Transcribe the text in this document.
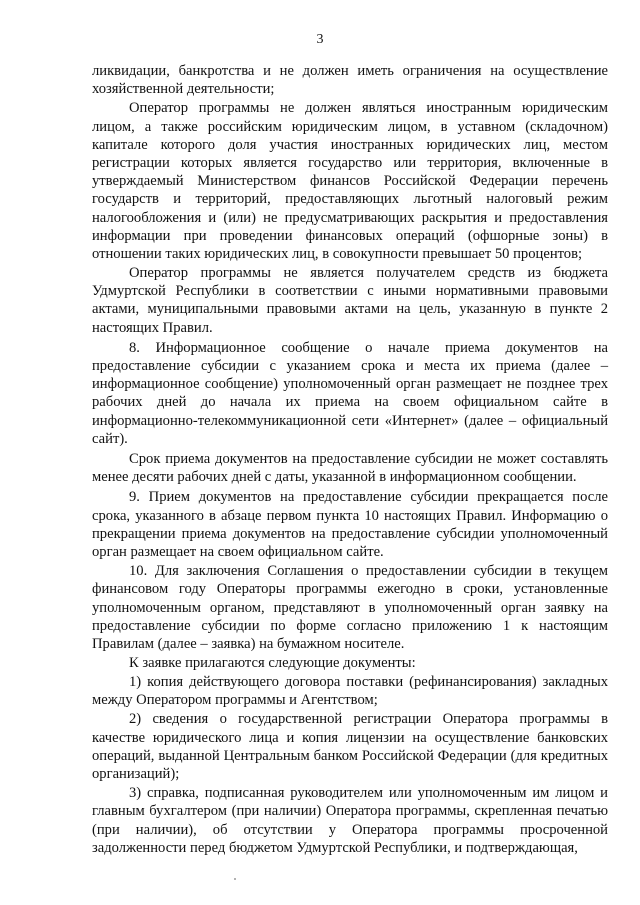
3

ликвидации, банкротства и не должен иметь ограничения на осуществление хозяйственной деятельности;

Оператор программы не должен являться иностранным юридическим лицом, а также российским юридическим лицом, в уставном (складочном) капитале которого доля участия иностранных юридических лиц, местом регистрации которых является государство или территория, включенные в утверждаемый Министерством финансов Российской Федерации перечень государств и территорий, предоставляющих льготный налоговый режим налогообложения и (или) не предусматривающих раскрытия и предоставления информации при проведении финансовых операций (офшорные зоны) в отношении таких юридических лиц, в совокупности превышает 50 процентов;

Оператор программы не является получателем средств из бюджета Удмуртской Республики в соответствии с иными нормативными правовыми актами, муниципальными правовыми актами на цель, указанную в пункте 2 настоящих Правил.

8. Информационное сообщение о начале приема документов на предоставление субсидии с указанием срока и места их приема (далее – информационное сообщение) уполномоченный орган размещает не позднее трех рабочих дней до начала их приема на своем официальном сайте в информационно-телекоммуникационной сети «Интернет» (далее – официальный сайт).

Срок приема документов на предоставление субсидии не может составлять менее десяти рабочих дней с даты, указанной в информационном сообщении.

9. Прием документов на предоставление субсидии прекращается после срока, указанного в абзаце первом пункта 10 настоящих Правил. Информацию о прекращении приема документов на предоставление субсидии уполномоченный орган размещает на своем официальном сайте.

10. Для заключения Соглашения о предоставлении субсидии в текущем финансовом году Операторы программы ежегодно в сроки, установленные уполномоченным органом, представляют в уполномоченный орган заявку на предоставление субсидии по форме согласно приложению 1 к настоящим Правилам (далее – заявка) на бумажном носителе.

К заявке прилагаются следующие документы:

1) копия действующего договора поставки (рефинансирования) закладных между Оператором программы и Агентством;

2) сведения о государственной регистрации Оператора программы в качестве юридического лица и копия лицензии на осуществление банковских операций, выданной Центральным банком Российской Федерации (для кредитных организаций);

3) справка, подписанная руководителем или уполномоченным им лицом и главным бухгалтером (при наличии) Оператора программы, скрепленная печатью (при наличии), об отсутствии у Оператора программы просроченной задолженности перед бюджетом Удмуртской Республики, и подтверждающая,
